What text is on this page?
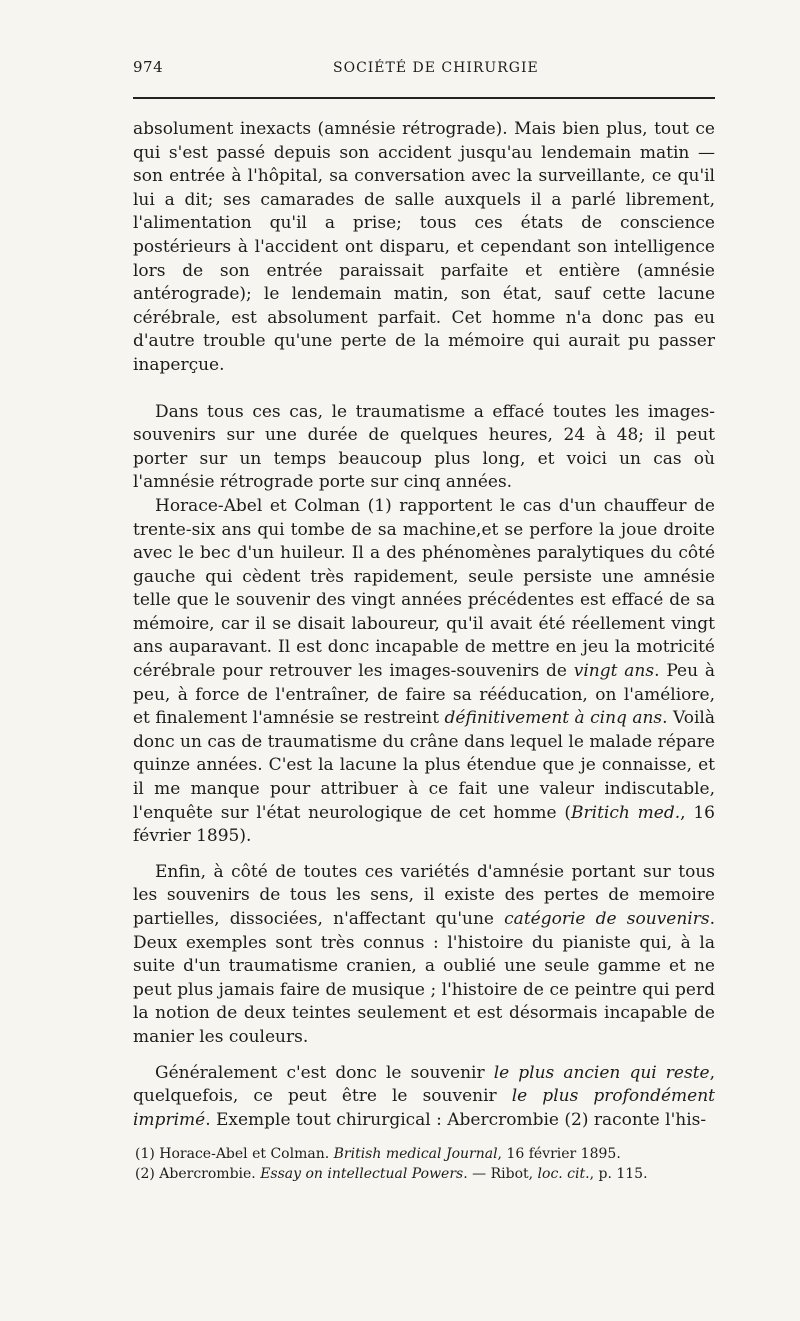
974	SOCIÉTÉ DE CHIRURGIE

absolument inexacts (amnésie rétrograde). Mais bien plus, tout ce qui s'est passé depuis son accident jusqu'au lendemain matin — son entrée à l'hôpital, sa conversation avec la surveillante, ce qu'il lui a dit; ses camarades de salle auxquels il a parlé librement, l'alimentation qu'il a prise; tous ces états de conscience postérieurs à l'accident ont disparu, et cependant son intelligence lors de son entrée paraissait parfaite et entière (amnésie antérograde); le lendemain matin, son état, sauf cette lacune cérébrale, est absolument parfait. Cet homme n'a donc pas eu d'autre trouble qu'une perte de la mémoire qui aurait pu passer inaperçue.

Dans tous ces cas, le traumatisme a effacé toutes les images-souvenirs sur une durée de quelques heures, 24 à 48; il peut porter sur un temps beaucoup plus long, et voici un cas où l'amnésie rétrograde porte sur cinq années.

Horace-Abel et Colman (1) rapportent le cas d'un chauffeur de trente-six ans qui tombe de sa machine,et se perfore la joue droite avec le bec d'un huileur. Il a des phénomènes paralytiques du côté gauche qui cèdent très rapidement, seule persiste une amnésie telle que le souvenir des vingt années précédentes est effacé de sa mémoire, car il se disait laboureur, qu'il avait été réellement vingt ans auparavant. Il est donc incapable de mettre en jeu la motricité cérébrale pour retrouver les images-souvenirs de vingt ans. Peu à peu, à force de l'entraîner, de faire sa rééducation, on l'améliore, et finalement l'amnésie se restreint définitivement à cinq ans. Voilà donc un cas de traumatisme du crâne dans lequel le malade répare quinze années. C'est la lacune la plus étendue que je connaisse, et il me manque pour attribuer à ce fait une valeur indiscutable, l'enquête sur l'état neurologique de cet homme (Britich med., 16 février 1895).

Enfin, à côté de toutes ces variétés d'amnésie portant sur tous les souvenirs de tous les sens, il existe des pertes de memoire partielles, dissociées, n'affectant qu'une catégorie de souvenirs. Deux exemples sont très connus : l'histoire du pianiste qui, à la suite d'un traumatisme cranien, a oublié une seule gamme et ne peut plus jamais faire de musique ; l'histoire de ce peintre qui perd la notion de deux teintes seulement et est désormais incapable de manier les couleurs.

Généralement c'est donc le souvenir le plus ancien qui reste, quelquefois, ce peut être le souvenir le plus profondément imprimé. Exemple tout chirurgical : Abercrombie (2) raconte l'his-

(1) Horace-Abel et Colman. British medical Journal, 16 février 1895.

(2) Abercrombie. Essay on intellectual Powers. — Ribot, loc. cit., p. 115.
